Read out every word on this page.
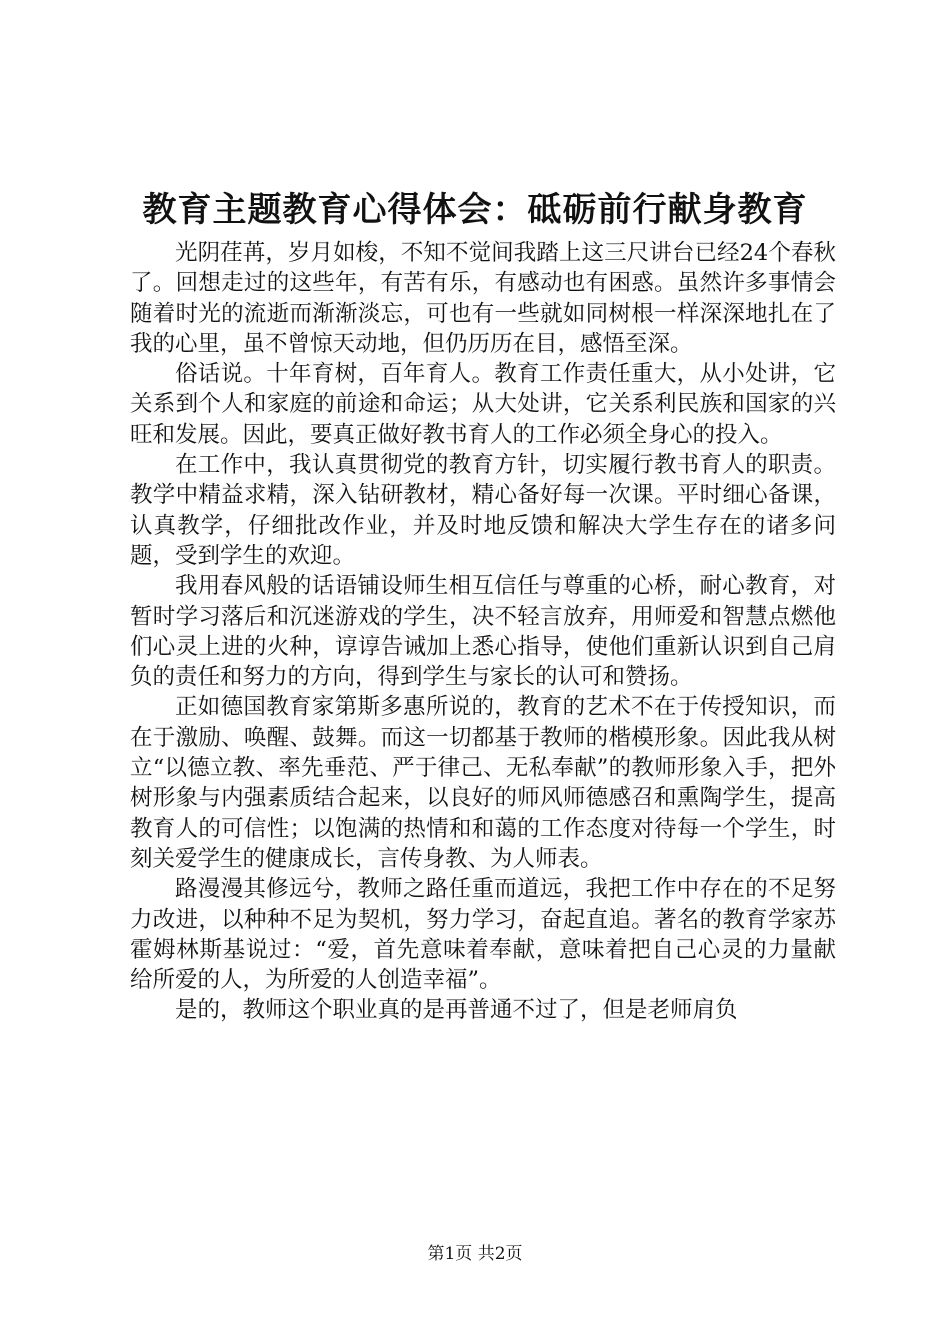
教育主题教育心得体会：砥砺前行献身教育

光阴荏苒，岁月如梭，不知不觉间我踏上这三尺讲台已经24个春秋了。回想走过的这些年，有苦有乐，有感动也有困惑。虽然许多事情会随着时光的流逝而渐渐淡忘，可也有一些就如同树根一样深深地扎在了我的心里，虽不曾惊天动地，但仍历历在目，感悟至深。

俗话说。十年育树，百年育人。教育工作责任重大，从小处讲，它关系到个人和家庭的前途和命运；从大处讲，它关系利民族和国家的兴旺和发展。因此，要真正做好教书育人的工作必须全身心的投入。

在工作中，我认真贯彻党的教育方针，切实履行教书育人的职责。教学中精益求精，深入钻研教材，精心备好每一次课。平时细心备课，认真教学，仔细批改作业，并及时地反馈和解决大学生存在的诸多问题，受到学生的欢迎。

我用春风般的话语铺设师生相互信任与尊重的心桥，耐心教育，对暂时学习落后和沉迷游戏的学生，决不轻言放弃，用师爱和智慧点燃他们心灵上进的火种，谆谆告诫加上悉心指导，使他们重新认识到自己肩负的责任和努力的方向，得到学生与家长的认可和赞扬。

正如德国教育家第斯多惠所说的，教育的艺术不在于传授知识，而在于激励、唤醒、鼓舞。而这一切都基于教师的楷模形象。因此我从树立“以德立教、率先垂范、严于律己、无私奉献”的教师形象入手，把外树形象与内强素质结合起来，以良好的师风师德感召和熏陶学生，提高教育人的可信性；以饱满的热情和和蔼的工作态度对待每一个学生，时刻关爱学生的健康成长，言传身教、为人师表。

路漫漫其修远兮，教师之路任重而道远，我把工作中存在的不足努力改进，以种种不足为契机，努力学习，奋起直追。著名的教育学家苏霍姆林斯基说过：“爱，首先意味着奉献，意味着把自己心灵的力量献给所爱的人，为所爱的人创造幸福”。

是的，教师这个职业真的是再普通不过了，但是老师肩负

第1页 共2页
